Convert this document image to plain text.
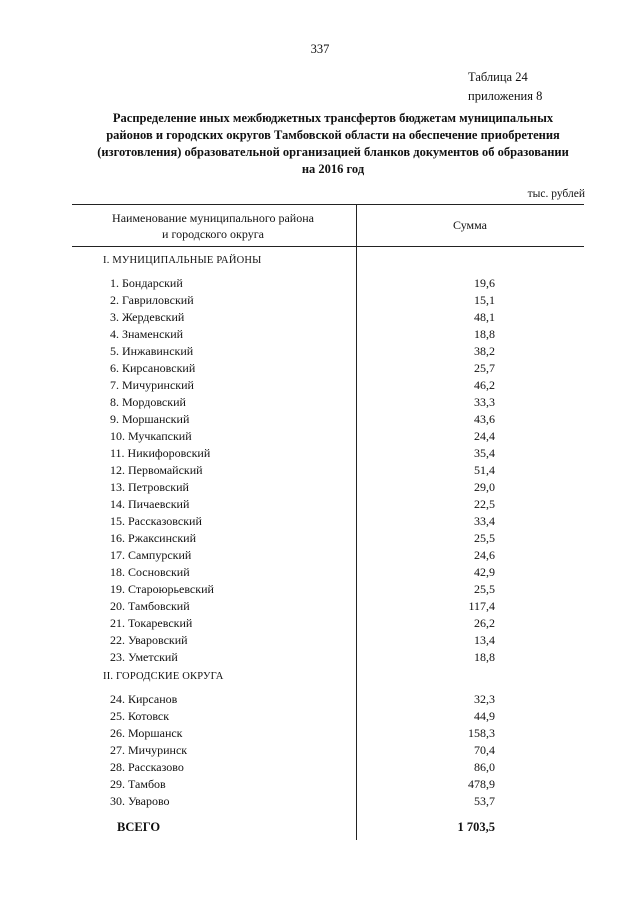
337
Таблица 24
приложения 8
Распределение иных межбюджетных трансфертов бюджетам муниципальных
районов и городских округов Тамбовской области на обеспечение приобретения
(изготовления) образовательной организацией бланков документов об образовании
на 2016 год
тыс. рублей
Наименование муниципального района
и городского округа
Сумма
I. МУНИЦИПАЛЬНЫЕ РАЙОНЫ
1. Бондарский	19,6
2. Гавриловский	15,1
3. Жердевский	48,1
4. Знаменский	18,8
5. Инжавинский	38,2
6. Кирсановский	25,7
7. Мичуринский	46,2
8. Мордовский	33,3
9. Моршанский	43,6
10. Мучкапский	24,4
11. Никифоровский	35,4
12. Первомайский	51,4
13. Петровский	29,0
14. Пичаевский	22,5
15. Рассказовский	33,4
16. Ржаксинский	25,5
17. Сампурский	24,6
18. Сосновский	42,9
19. Староюрьевский	25,5
20. Тамбовский	117,4
21. Токаревский	26,2
22. Уваровский	13,4
23. Уметский	18,8
II. ГОРОДСКИЕ ОКРУГА
24. Кирсанов	32,3
25. Котовск	44,9
26. Моршанск	158,3
27. Мичуринск	70,4
28. Рассказово	86,0
29. Тамбов	478,9
30. Уварово	53,7
ВСЕГО	1 703,5
